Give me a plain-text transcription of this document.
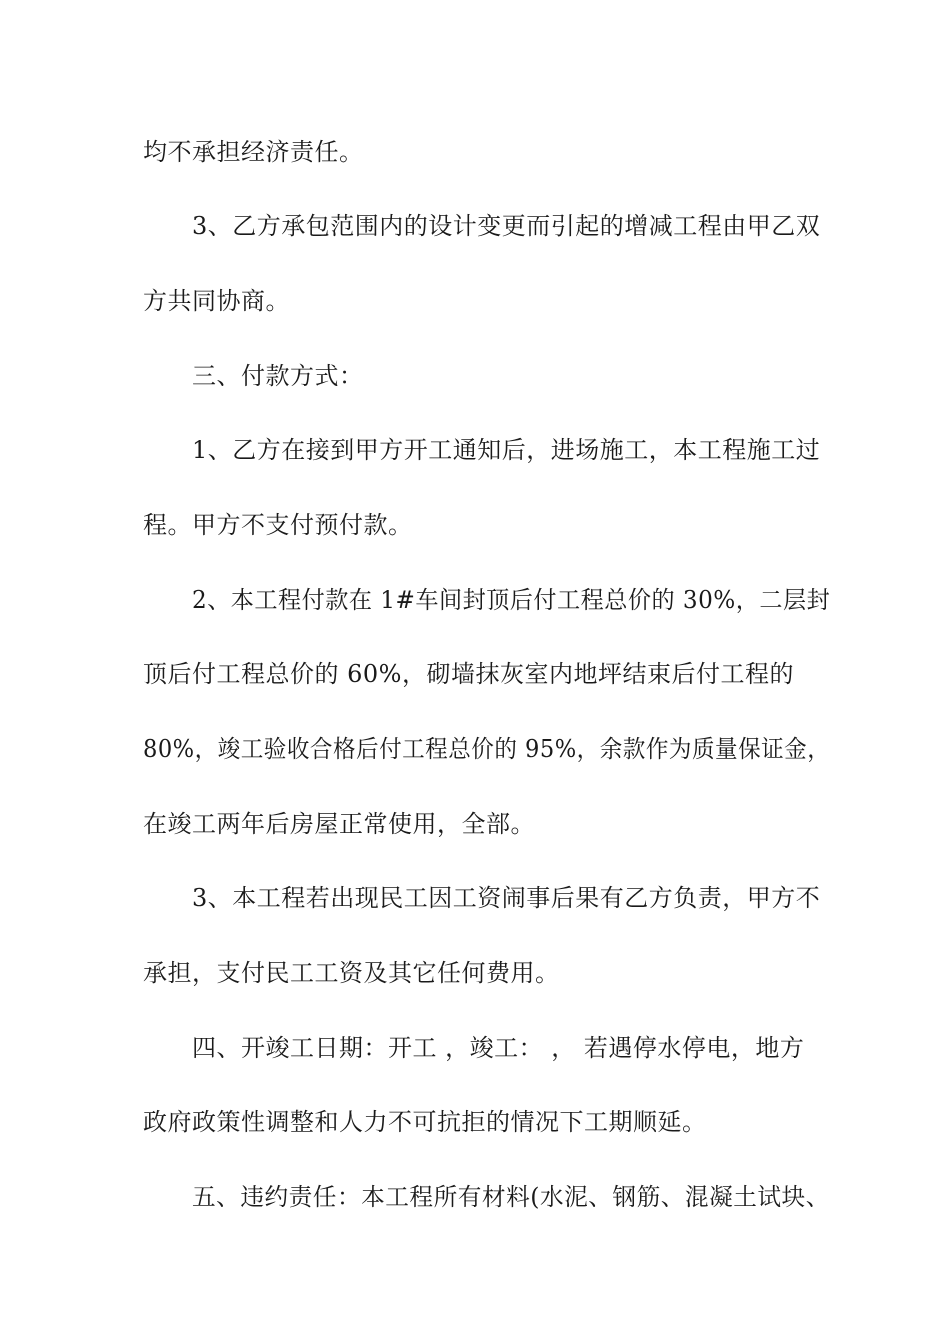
均不承担经济责任。
3、乙方承包范围内的设计变更而引起的增减工程由甲乙双
方共同协商。
三、付款方式：
1、乙方在接到甲方开工通知后，进场施工，本工程施工过
程。甲方不支付预付款。
2、本工程付款在 1#车间封顶后付工程总价的 30%，二层封
顶后付工程总价的 60%，砌墙抹灰室内地坪结束后付工程的
80%，竣工验收合格后付工程总价的 95%，余款作为质量保证金，
在竣工两年后房屋正常使用，全部。
3、本工程若出现民工因工资闹事后果有乙方负责，甲方不
承担，支付民工工资及其它任何费用。
四、开竣工日期：开工 ，竣工： ， 若遇停水停电，地方
政府政策性调整和人力不可抗拒的情况下工期顺延。
五、违约责任：本工程所有材料(水泥、钢筋、混凝土试块、
